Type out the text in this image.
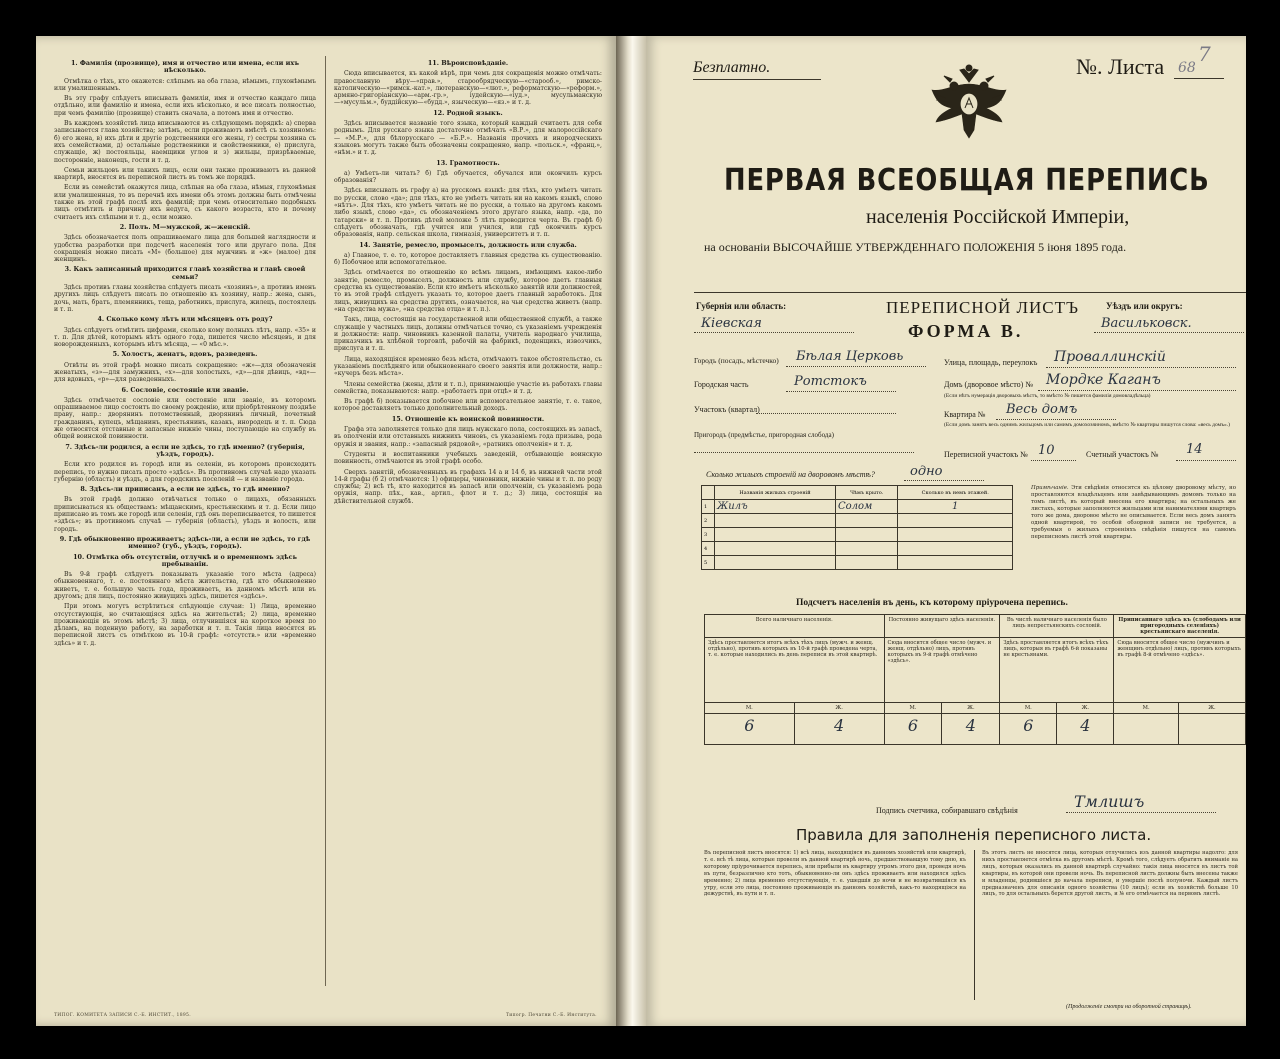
1. Фамилія (прозвище), имя и отчество или имена, если ихъ нѣсколько.

Отмѣтка о тѣхъ, кто окажется: слѣпымъ на оба глаза, нѣмымъ, глухонѣмымъ или умалишеннымъ.

Въ эту графу слѣдуетъ вписывать фамиліи, имя и отчество каждаго лица отдѣльно, или фамилію и имена, если ихъ нѣсколько, и все писать полностью, при чемъ фамилію (прозвище) ставить сначала, а потомъ имя и отчество.

Въ каждомъ хозяйствѣ лица вписываются въ слѣдующемъ порядкѣ: а) сперва записывается глава хозяйства; затѣмъ, если проживаютъ вмѣстѣ съ хозяиномъ: б) его жена, в) ихъ дѣти и другіе родственники его жены, г) сестры хозяина съ ихъ семействами, д) остальные родственники и свойственники, е) прислуга, служащіе, ж) постояльцы, наемщики углов и з) жильцы, призрѣваемые, посторонніе, наконецъ, гости и т. д.

Семьи жильцовъ или такихъ лицъ, если они также проживаютъ въ данной квартирѣ, вносятся въ переписной листъ въ томъ же порядкѣ.

Если въ семействѣ окажутся лица, слѣпыя на оба глаза, нѣмыя, глухонѣмыя или умалишенныя, то въ перечнѣ ихъ имени объ этомъ должны быть отмѣчены также въ этой графѣ послѣ ихъ фамилій; при чемъ относительно подобныхъ лицъ отмѣтить и причину ихъ недуга, съ какого возраста, кто и почему считаетъ ихъ слѣпыми и т. д., если можно.

2. Полъ. М—мужской, ж—женскій.

Здѣсь обозначается полъ опрашиваемаго лица для большей наглядности и удобства разработки при подсчетѣ населенія того или другаго пола. Для сокращенія можно писать «М» (большое) для мужчинъ и «ж» (малое) для женщинъ.

3. Какъ записанный приходится главѣ хозяйства и главѣ своей семьи?

Здѣсь противъ главы хозяйства слѣдуетъ писать «хозяинъ», а противъ именъ другихъ лицъ слѣдуетъ писать по отношенію къ хозяину, напр.: жена, сынъ, дочь, мать, братъ, племянникъ, теща, работникъ, прислуга, жилецъ, постоялецъ и т. п.

4. Сколько кому лѣтъ или мѣсяцевъ отъ роду?

Здѣсь слѣдуетъ отмѣтить цифрами, сколько кому полныхъ лѣтъ, напр. «35» и т. п. Для дѣтей, которымъ нѣтъ одного года, пишется число мѣсяцевъ, и для новорожденныхъ, которымъ нѣтъ мѣсяца, — «0 мѣс.».

5. Холостъ, женатъ, вдовъ, разведенъ.

Отвѣты въ этой графѣ можно писать сокращенно: «ж»—для обозначенія женатыхъ, «з»—для замужнихъ, «х»—для холостыхъ, «д»—для дѣвицъ, «вд»—для вдовыхъ, «р»—для разведенныхъ.

6. Сословіе, состояніе или званіе.

Здѣсь отмѣчается сословіе или состояніе или званіе, въ которомъ опрашиваемое лицо состоитъ по своему рожденію, или пріобрѣтенному позднѣе праву, напр.: дворянинъ потомственный, дворянинъ личный, почетный гражданинъ, купецъ, мѣщанинъ, крестьянинъ, казакъ, инородецъ и т. п. Сюда же относятся отставные и запасные нижніе чины, поступающіе на службу въ общей воинской повинности.

7. Здѣсь-ли родился, а если не здѣсь, то гдѣ именно? (губернія, уѣздъ, городъ).

Если кто родился въ городѣ или въ селеніи, въ которомъ происходитъ перепись, то нужно писать просто «здѣсь». Въ противномъ случаѣ надо указать губернію (область) и уѣздъ, а для городскихъ поселеній — и названіе города.

8. Здѣсь-ли приписанъ, а если не здѣсь, то гдѣ именно?

Въ этой графѣ должно отвѣчаться только о лицахъ, обязанныхъ приписываться къ обществамъ: мѣщанскимъ, крестьянскимъ и т. д. Если лицо приписано въ томъ же городѣ или селеніи, гдѣ онъ переписывается, то пишется «здѣсь»; въ противномъ случаѣ — губернія (область), уѣздъ и волость, или городъ.

9. Гдѣ обыкновенно проживаетъ; здѣсь-ли, а если не здѣсь, то гдѣ именно? (губ., уѣздъ, городъ).
10. Отмѣтка объ отсутствіи, отлучкѣ и о временномъ здѣсь пребываніи.

Въ 9-й графѣ слѣдуетъ показывать указаніе того мѣста (адреса) обыкновеннаго, т. е. постояннаго мѣста жительства, гдѣ кто обыкновенно живетъ, т. е. большую часть года, проживаетъ, въ данномъ мѣстѣ или въ другомъ; для лицъ, постоянно живущихъ здѣсь, пишется «здѣсь».

При этомъ могутъ встрѣтиться слѣдующіе случаи: 1) Лица, временно отсутствующія, но считающіяся здѣсь на жительствѣ; 2) лица, временно проживающія въ этомъ мѣстѣ; 3) лица, отлучившіяся на короткое время по дѣламъ, на поденную работу, на заработки и т. п. Такія лица вносятся въ переписной листъ съ отмѣткою въ 10-й графѣ: «отсутств.» или «временно здѣсь» и т. д.

11. Вѣроисповѣданіе.

Сюда вписывается, къ какой вѣрѣ, при чемъ для сокращенія можно отмѣчать: православную вѣру—«прав.», старообрядческую—«старооб.», римско-католическую—«римск.-кат.», лютеранскую—«лют.», реформатскую—«реформ.», армяно-григоріанскую—«арм.-гр.», іудейскую—«іуд.», мусульманскую—«мусульм.», буддійскую—«будд.», языческую—«яз.» и т. д.

12. Родной языкъ.

Здѣсь вписывается названіе того языка, который каждый считаетъ для себя роднымъ. Для русскаго языка достаточно отмѣчать «В.Р.», для малороссійскаго — «М.Р.», для бѣлорусскаго — «Б.Р.». Названія прочихъ и инородческихъ языковъ могутъ также быть обозначены сокращенно, напр. «польск.», «франц.», «нѣм.» и т. д.

13. Грамотность.

а) Умѣетъ-ли читать? б) Гдѣ обучается, обучался или окончилъ курсъ образованія?

Здѣсь вписывать въ графу а) на русскомъ языкѣ: для тѣхъ, кто умѣетъ читать по русски, слово «да»; для тѣхъ, кто не умѣетъ читать ни на какомъ языкѣ, слово «нѣтъ». Для тѣхъ, кто умѣетъ читать не по русски, а только на другомъ какомъ либо языкѣ, слово «да», съ обозначеніемъ этого другаго языка, напр. «да, по татарски» и т. п. Противъ дѣтей моложе 5 лѣтъ проводится черта. Въ графѣ б) слѣдуетъ обозначать, гдѣ учится или учился, или гдѣ окончилъ курсъ образованія, напр. сельская школа, гимназія, университетъ и т. п.

14. Занятіе, ремесло, промыселъ, должность или служба.

а) Главное, т. е. то, которое доставляетъ главныя средства къ существованію. б) Побочное или вспомогательное.

Здѣсь отмѣчается по отношенію ко всѣмъ лицамъ, имѣющимъ какое-либо занятіе, ремесло, промыселъ, должность или службу, которое даетъ главныя средства къ существованію. Если кто имѣетъ нѣсколько занятій или должностей, то въ этой графѣ слѣдуетъ указать то, которое даетъ главный заработокъ. Для лицъ, живущихъ на средства другихъ, означается, на чьи средства живетъ (напр. «на средства мужа», «на средства отца» и т. п.).

Такъ, лица, состоящія на государственной или общественной службѣ, а также служащіе у частныхъ лицъ, должны отмѣчаться точно, съ указаніемъ учрежденія и должности: напр. чиновникъ казенной палаты, учитель народнаго училища, приказчикъ въ хлѣбной торговлѣ, рабочій на фабрикѣ, поденщикъ, извозчикъ, прислуга и т. п.

Лица, находящіяся временно безъ мѣста, отмѣчаютъ такое обстоятельство, съ указаніемъ послѣдняго или обыкновеннаго своего занятія или должности, напр.: «кучеръ безъ мѣста».

Члены семейства (жены, дѣти и т. п.), принимающіе участіе въ работахъ главы семейства, показываются: напр. «работаетъ при отцѣ» и т. д.

Въ графѣ б) показывается побочное или вспомогательное занятіе, т. е. такое, которое доставляетъ только дополнительный доходъ.

15. Отношеніе къ воинской повинности.

Графа эта заполняется только для лицъ мужскаго пола, состоящихъ въ запасѣ, въ ополченіи или отставныхъ нижнихъ чиновъ, съ указаніемъ года призыва, рода оружія и звания, напр.: «запасный рядовой», «ратникъ ополченія» и т. д.

Студенты и воспитанники учебныхъ заведеній, отбывающіе воинскую повинность, отмѣчаются въ этой графѣ особо.

Сверхъ занятій, обозначенныхъ въ графахъ 14 а и 14 б, въ нижней части этой 14-й графы (б 2) отмѣчаются: 1) офицеры, чиновники, нижніе чины и т. п. по роду службы; 2) всѣ тѣ, кто находится въ запасѣ или ополченіи, съ указаніемъ рода оружія, напр. пѣх., кав., артил., флот и т. д.; 3) лица, состоящія на дѣйствительной службѣ.

ТИПОГ. КОМИТЕТА ЗАПИСИ С.-Б. ИНСТИТ., 1895.	Типогр. Печатни С.-Б. Института.
Безплатно.	№. Листа 68
7
ПЕРВАЯ ВСЕОБЩАЯ ПЕРЕПИСЬ
населенія Россійской Имперіи,
на основаніи ВЫСОЧАЙШЕ УТВЕРЖДЕННАГО ПОЛОЖЕНІЯ 5 іюня 1895 года.
ПЕРЕПИСНОЙ ЛИСТЪ
ФОРМА В.
Губернія или область:
Кіевская
Уѣздъ или округъ:
Васильковск.
Городъ (посадъ, мѣстечко) Бѣлая Церковь	Улица, площадь, переулокъ Проваллинскій
Городская часть	Ротстокъ	Домъ (дворовое мѣсто) № Мордке Каганъ
(Если нѣтъ нумерація дворовыхъ мѣстъ, то вмѣсто № пишется фамилія домовладѣльца)
Участокъ (квартал)
Квартира № Весь домъ
(Если домъ занятъ весь однимъ жильцомъ или самимъ домохозяиномъ, вмѣсто № квартиры пишутся слова: «весь домъ».)
Пригородъ (предмѣстье, пригородная слобода)
Переписной участокъ № 10	Счетный участокъ № 14
Сколько жилыхъ строеній на дворовомъ мѣстѣ?	одно
	Названія жилыхъ строеній	Чѣмъ крыто.	Сколько въ немъ этажей.
1	Жилъ	Солом	1
2			
3			
4			
5			
Примѣчаніе. Эти свѣдѣнія относятся къ цѣлому дворовому мѣсту, но проставляются владѣльцемъ или завѣдывающимъ домомъ только на томъ листѣ, въ который внесена его квартира; на остальныхъ же листахъ, которые заполняются жильцами или нанимателями квартиръ того же дома, дворовое мѣсто не описывается. Если весь домъ занятъ одной квартирой, то особой обзорной записи не требуется, а требуемыя о жилыхъ строеніяхъ свѣдѣнія пишутся на самомъ переписномъ листѣ этой квартиры.
Подсчетъ населенія въ день, къ которому пріурочена перепись.
Всего наличнаго населенія.		Постоянно живущаго здѣсь населенія.		Въ числѣ наличнаго населенія было лицъ непрестьянскихъ сословій.		Приписаннаго здѣсь къ (слободамъ или пригородныхъ селеніяхъ) крестьянскаго населенія.	
Здѣсь проставляется итогъ всѣхъ тѣхъ лицъ (мужч. и женщ. отдѣльно), противъ которыхъ въ 10-й графѣ проведена черта, т. е. которые находились въ день переписи въ этой квартирѣ.		Сюда вносится общее число (мужч. и женщ. отдѣльно) лицъ, противъ которыхъ въ 9-й графѣ отмѣчено «здѣсь».		Здѣсь проставляется итогъ всѣхъ тѣхъ лицъ, которыя въ графѣ 6-й показаны не крестьянами.		Сюда вносится общее число (мужчинъ и женщинъ отдѣльно) лицъ, противъ которыхъ въ графѣ 8-й отмѣчено «здѣсь».	
М.	Ж.	М.	Ж.	М.	Ж.	М.	Ж.
6	4	6	4	6	4		
Подпись счетчика, собиравшаго свѣдѣнія	Тмлишъ
Правила для заполненія переписного листа.
Въ переписной листъ вносятся: 1) всѣ лица, находящіяся въ данномъ хозяйствѣ или квартирѣ, т. е. всѣ тѣ лица, которые провели въ данной квартирѣ ночь, предшествовавшую тому дню, къ которому пріурочивается перепись, или прибыли въ квартиру утромъ этого дня, проведя ночь въ пути, безразлично кто тотъ, обыкновенно-ли онъ здѣсь проживаетъ или находился здѣсь временно; 2) лица временно отсутствующія, т. е. ушедшія до ночи и не возвратившіяся къ утру, если это лица, постоянно проживающія въ данномъ хозяйствѣ, какъ-то находящіяся на дежурствѣ, въ пути и т. п.
Въ этотъ листъ не вносятся лица, которыя отлучились изъ данной квартиры надолго: для нихъ проставляется отмѣтка въ другомъ мѣстѣ. Кромѣ того, слѣдуетъ обратить вниманіе на лицъ, которыя оказались въ данной квартирѣ случайно: такія лица вносятся въ листъ той квартиры, въ которой они провели ночь. Въ переписной листъ должны быть внесены также и младенцы, родившіеся до начала переписи, и умершіе послѣ полуночи. Каждый листъ предназначенъ для описанія одного хозяйства (10 лицъ); если въ хозяйствѣ больше 10 лицъ, то для остальныхъ берется другой листъ, и № его отмѣчается на первомъ листѣ.
(Продолженіе смотри на оборотной страницѣ).
